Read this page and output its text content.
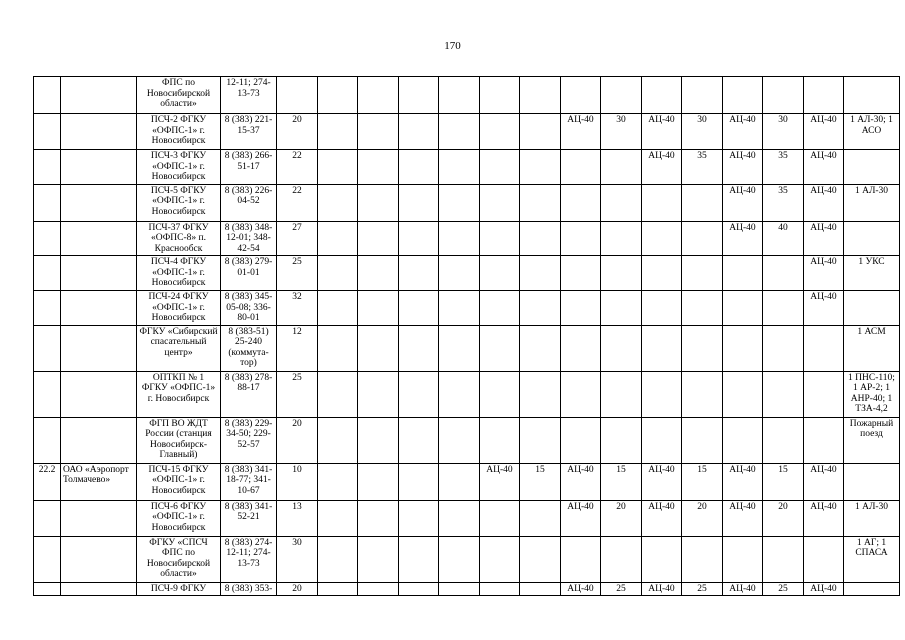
170
		ФПС по Новосибирской области»	12-11; 274-13-73															
		ПСЧ-2 ФГКУ «ОФПС-1» г. Новосибирск	8 (383) 221-15-37	20							АЦ-40	30	АЦ-40	30	АЦ-40	30	АЦ-40	1 АЛ-30; 1 АСО
		ПСЧ-3 ФГКУ «ОФПС-1» г. Новосибирск	8 (383) 266-51-17	22									АЦ-40	35	АЦ-40	35	АЦ-40	
		ПСЧ-5 ФГКУ «ОФПС-1» г. Новосибирск	8 (383) 226-04-52	22											АЦ-40	35	АЦ-40	1 АЛ-30
		ПСЧ-37 ФГКУ «ОФПС-8» п. Краснообск	8 (383) 348-12-01; 348-42-54	27											АЦ-40	40	АЦ-40	
		ПСЧ-4 ФГКУ «ОФПС-1» г. Новосибирск	8 (383) 279-01-01	25													АЦ-40	1 УКС
		ПСЧ-24 ФГКУ «ОФПС-1» г. Новосибирск	8 (383) 345-05-08; 336-80-01	32													АЦ-40	
		ФГКУ «Сибирский спасательный центр»	8 (383-51) 25-240 (коммута-тор)	12														1 АСМ
		ОПТКП № 1 ФГКУ «ОФПС-1» г. Новосибирск	8 (383) 278-88-17	25														1 ПНС-110; 1 АР-2; 1 АНР-40; 1 ТЗА-4,2
		ФГП ВО ЖДТ России (станция Новосибирск-Главный)	8 (383) 229-34-50; 229-52-57	20														Пожарный поезд
22.2	ОАО «Аэропорт Толмачево»	ПСЧ-15 ФГКУ «ОФПС-1» г. Новосибирск	8 (383) 341-18-77; 341-10-67	10					АЦ-40	15	АЦ-40	15	АЦ-40	15	АЦ-40	15	АЦ-40	
		ПСЧ-6 ФГКУ «ОФПС-1» г. Новосибирск	8 (383) 341-52-21	13							АЦ-40	20	АЦ-40	20	АЦ-40	20	АЦ-40	1 АЛ-30
		ФГКУ «СПСЧ ФПС по Новосибирской области»	8 (383) 274-12-11; 274-13-73	30														1 АГ; 1 СПАСА
		ПСЧ-9 ФГКУ	8 (383) 353-	20							АЦ-40	25	АЦ-40	25	АЦ-40	25	АЦ-40	
